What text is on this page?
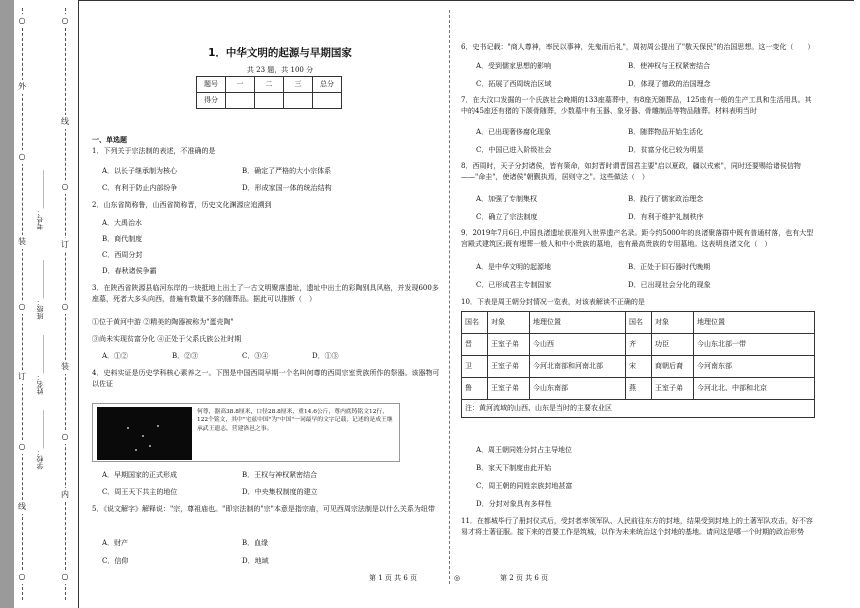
○
外
○
装
○
订
○
线
○
○
线
○
订
○
装
○
内
○
学校：___________
姓名：___________
班级：___________
考号：___________
1．中华文明的起源与早期国家
共 23 题，共 100 分
题号	一	二	三	总分
得分				
一、单选题
1．下列关于宗法制的表述，不准确的是
A．以长子继承制为核心	B．确定了严格的大小宗体系
C．有利于防止内部纷争	D．形成家国一体的统治结构
2．山东省简称鲁，山西省简称晋，历史文化渊源应追溯到
A．大禹治水
B．商代制度
C．西周分封
D．春秋诸侯争霸
3．在陕西省陕源县临河东岸的一块抵地上出土了一古文明聚落遗址，遗址中出土的彩陶别具风格，并发现600多座墓，死者大多头向西，普遍有数量不多的随葬品。据此可以推断（　）
①位于黄河中游 ②精美的陶器被称为"蛋壳陶"
③尚未实现贫富分化 ④正处于父系氏族公社时期
A．①②	B．②③	C．③④	D．①③
4．史料实证是历史学科核心素养之一。下图是中国西周早期一个名叫何尊的西周宗室贵族所作的祭器。该器物可以佐证
何尊，器高38.8厘米，口径28.8厘米，重14.6公斤，尊内底铸铭文12行，122个铭文，其中"宅兹中国"为"中国"一词最早的文字记载，记述的是成王继承武王遗志，营建洛邑之事。
A．早期国家的正式形成	B．王权与神权紧密结合
C．周王天下共主的地位	D．中央集权制度的建立
5．《说文解字》解释说："宗，尊祖庙也。"即宗法制的"宗"本意是指宗庙，可见西周宗法制是以什么关系为纽带
A．财产	B．血缘
C．信仰	D．地域
6．史书记载："商人尊神，率民以事神，先鬼而后礼"，周初周公提出了"敬天保民"的治国思想。这一变化（　　）
A．受到儒家思想的影响	B．使神权与王权紧密结合
C．拓展了西周统治区域	D．体现了德政的治国理念
7．在大汶口发掘的一个氏族社会晚期的133座墓葬中，有8座无随葬品，125座有一般的生产工具和生活用具。其中的45座还有猪的下颌骨随葬，少数墓中有玉器、象牙器、骨雕制品等物品随葬。材料表明当时
A．已出现奢侈腐化现象	B．随葬物品开始生活化
C．中国已进入阶级社会	D．贫富分化已较为明显
8．西周时，天子分封诸侯，皆有策命，如封晋时谓晋国君主要"启以夏政，疆以戎索"，同时还要赐给诸侯信物——"命圭"，使诸侯"朝觐执焉，居则守之"。这些做法（　）
A．加强了专制集权	B．践行了儒家政治理念
C．确立了宗法制度	D．有利于维护礼制秩序
9．2019年7月6日,中国良渚遗址获准列入世界遗产名录。距今约5000年的良渚聚落群中既有普通村落，也有大型宫殿式建筑区;既有埋葬一般人和中小贵族的墓地，也有最高贵族的专用墓地。这表明良渚文化（　）
A．是中华文明的起源地	B．正处于旧石器时代晚期
C．已形成君主专制国家	D．已出现社会分化的现象
10．下表是周王朝分封情况一览表，对该表解读不正确的是
国名	对象	地理位置	国名	对象	地理位置
晋	王室子弟	今山西	齐	功臣	今山东北部一带
卫	王室子弟	今河北南部和河南北部	宋	商朝后裔	今河南东部
鲁	王室子弟	今山东南部	燕	王室子弟	今河北北、中部和北京
注：黄河流域的山西、山东是当时的主要农业区					
A．周王朝同姓分封占主导地位
B．家天下制度由此开始
C．周王朝的同姓亲族封地甚富
D．分封对象具有多样性
11．在都城毕行了册封仪式后，受封者率领军队、人民前往东方的封地，结果受到封地上的土著军队攻击，好不容易才将土著征服。接下来的首要工作是筑城，以作为未来统治这个封地的基地。请问这是哪一个时期的政治形势
第 1 页 共 6 页	◎	第 2 页 共 6 页
